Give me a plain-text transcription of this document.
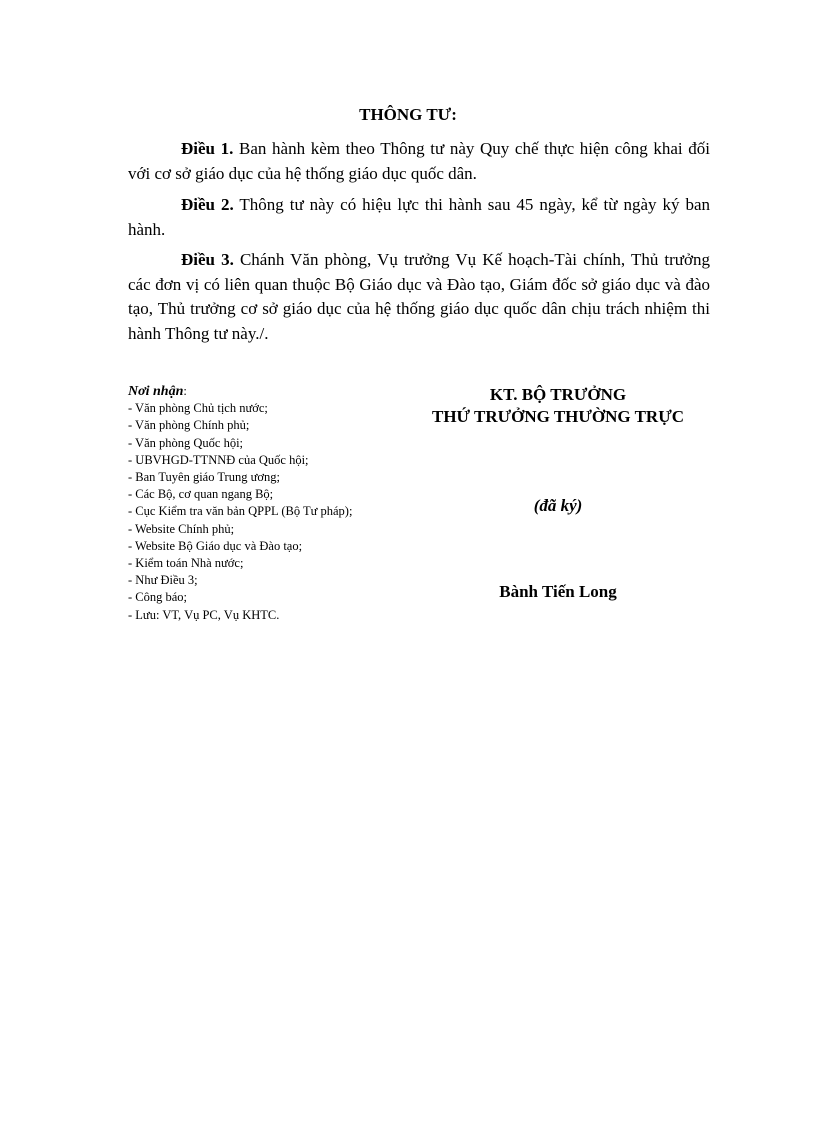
THÔNG TƯ:

Điều 1. Ban hành kèm theo Thông tư này Quy chế thực hiện công khai đối với cơ sở giáo dục của hệ thống giáo dục quốc dân.

Điều 2. Thông tư này có hiệu lực thi hành sau 45 ngày, kể từ ngày ký ban hành.

Điều 3. Chánh Văn phòng, Vụ trưởng Vụ Kế hoạch-Tài chính, Thủ trưởng các đơn vị có liên quan thuộc Bộ Giáo dục và Đào tạo, Giám đốc sở giáo dục và đào tạo, Thủ trưởng cơ sở giáo dục của hệ thống giáo dục quốc dân chịu trách nhiệm thi hành Thông tư này./.

Nơi nhận:
- Văn phòng Chủ tịch nước;
- Văn phòng Chính phủ;
- Văn phòng Quốc hội;
- UBVHGD-TTNNĐ của Quốc hội;
- Ban Tuyên giáo Trung ương;
- Các Bộ, cơ quan ngang Bộ;
- Cục Kiểm tra văn bản QPPL (Bộ Tư pháp);
- Website Chính phủ;
- Website Bộ Giáo dục và Đào tạo;
- Kiểm toán Nhà nước;
- Như Điều 3;
- Công báo;
- Lưu: VT, Vụ PC, Vụ KHTC.
KT. BỘ TRƯỞNG
THỨ TRƯỞNG THƯỜNG TRỰC
(đã ký)
Bành Tiến Long
